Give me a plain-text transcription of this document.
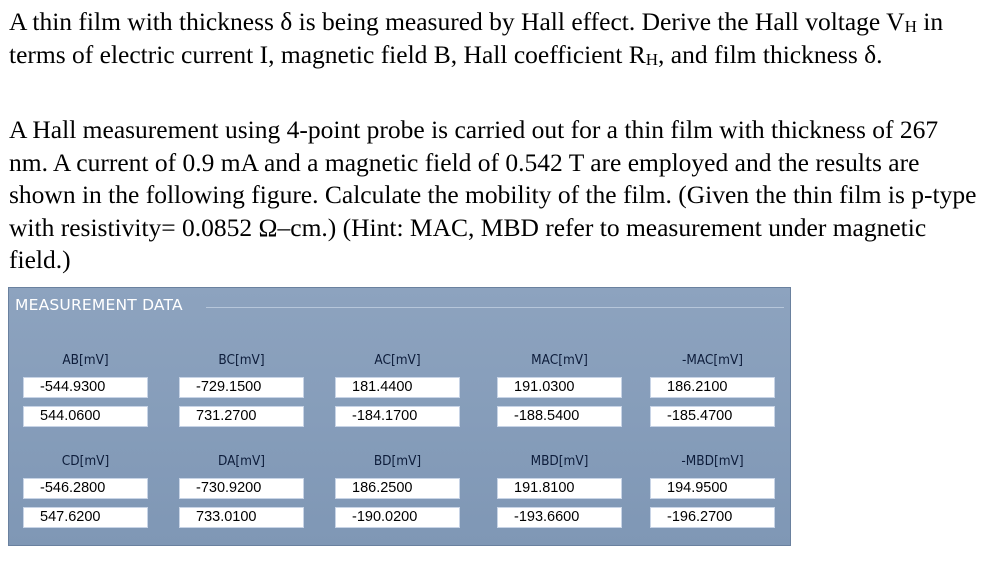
A thin film with thickness δ is being measured by Hall effect. Derive the Hall voltage $V_H$ in terms of electric current I, magnetic field B, Hall coefficient $R_H$, and film thickness δ.

A Hall measurement using 4-point probe is carried out for a thin film with thickness of 267 nm. A current of 0.9 mA and a magnetic field of 0.542 T are employed and the results are shown in the following figure. Calculate the mobility of the film. (Given the thin film is p-type with resistivity= 0.0852 Ω–cm.) (Hint: MAC, MBD refer to measurement under magnetic field.)

MEASUREMENT DATA
AB[mV]
-544.9300
544.0600
BC[mV]
-729.1500
731.2700
AC[mV]
181.4400
-184.1700
MAC[mV]
191.0300
-188.5400
-MAC[mV]
186.2100
-185.4700
CD[mV]
-546.2800
547.6200
DA[mV]
-730.9200
733.0100
BD[mV]
186.2500
-190.0200
MBD[mV]
191.8100
-193.6600
-MBD[mV]
194.9500
-196.2700
